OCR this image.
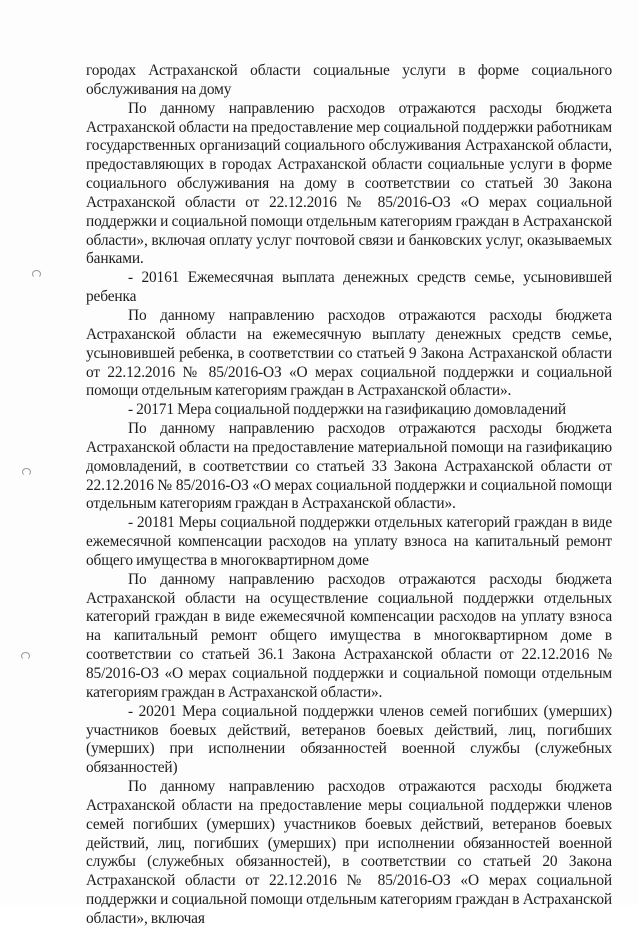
городах Астраханской области социальные услуги в форме социального обслуживания на дому

По данному направлению расходов отражаются расходы бюджета Астраханской области на предоставление мер социальной поддержки работникам государственных организаций социального обслуживания Астраханской области, предоставляющих в городах Астраханской области социальные услуги в форме социального обслуживания на дому в соответствии со статьей 30 Закона Астраханской области от 22.12.2016 № 85/2016-ОЗ «О мерах социальной поддержки и социальной помощи отдельным категориям граждан в Астраханской области», включая оплату услуг почтовой связи и банковских услуг, оказываемых банками.

- 20161 Ежемесячная выплата денежных средств семье, усыновившей ребенка

По данному направлению расходов отражаются расходы бюджета Астраханской области на ежемесячную выплату денежных средств семье, усыновившей ребенка, в соответствии со статьей 9 Закона Астраханской области от 22.12.2016 № 85/2016-ОЗ «О мерах социальной поддержки и социальной помощи отдельным категориям граждан в Астраханской области».

- 20171 Мера социальной поддержки на газификацию домовладений

По данному направлению расходов отражаются расходы бюджета Астраханской области на предоставление материальной помощи на газификацию домовладений, в соответствии со статьей 33 Закона Астраханской области от 22.12.2016 № 85/2016-ОЗ «О мерах социальной поддержки и социальной помощи отдельным категориям граждан в Астраханской области».

- 20181 Меры социальной поддержки отдельных категорий граждан в виде ежемесячной компенсации расходов на уплату взноса на капитальный ремонт общего имущества в многоквартирном доме

По данному направлению расходов отражаются расходы бюджета Астраханской области на осуществление социальной поддержки отдельных категорий граждан в виде ежемесячной компенсации расходов на уплату взноса на капитальный ремонт общего имущества в многоквартирном доме в соответствии со статьей 36.1 Закона Астраханской области от 22.12.2016 № 85/2016-ОЗ «О мерах социальной поддержки и социальной помощи отдельным категориям граждан в Астраханской области».

- 20201 Мера социальной поддержки членов семей погибших (умерших) участников боевых действий, ветеранов боевых действий, лиц, погибших (умерших) при исполнении обязанностей военной службы (служебных обязанностей)

По данному направлению расходов отражаются расходы бюджета Астраханской области на предоставление меры социальной поддержки членов семей погибших (умерших) участников боевых действий, ветеранов боевых действий, лиц, погибших (умерших) при исполнении обязанностей военной службы (служебных обязанностей), в соответствии со статьей 20 Закона Астраханской области от 22.12.2016 № 85/2016-ОЗ «О мерах социальной поддержки и социальной помощи отдельным категориям граждан в Астраханской области», включая
